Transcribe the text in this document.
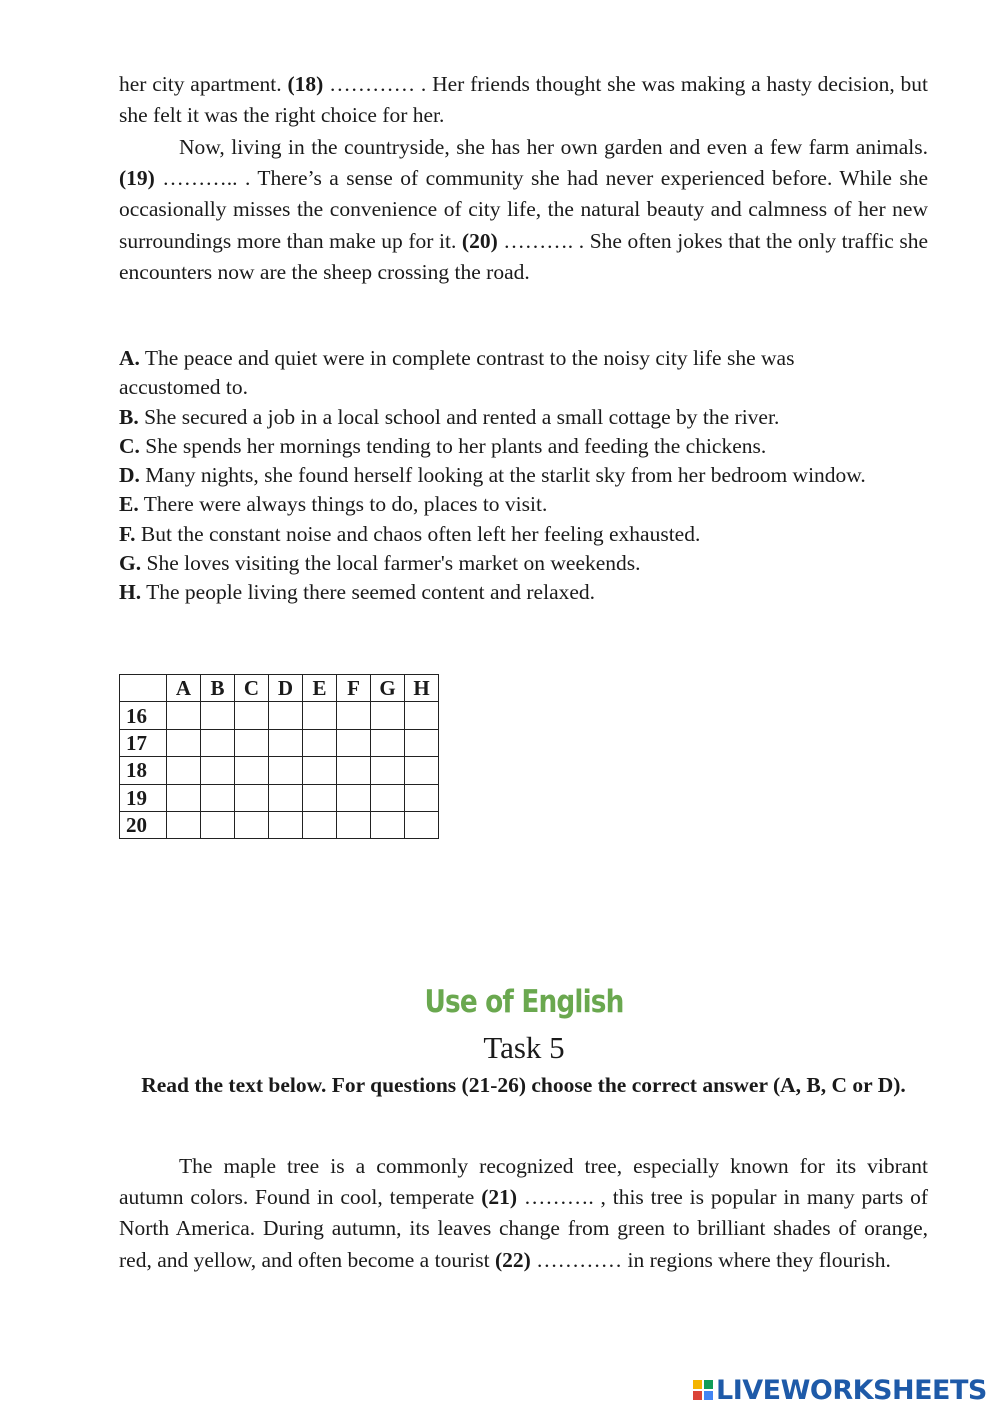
her city apartment. (18) ………… . Her friends thought she was making a hasty decision, but she felt it was the right choice for her.

Now, living in the countryside, she has her own garden and even a few farm animals. (19) ……….. . There’s a sense of community she had never experienced before. While she occasionally misses the convenience of city life, the natural beauty and calmness of her new surroundings more than make up for it. (20) ………. . She often jokes that the only traffic she encounters now are the sheep crossing the road.

A. The peace and quiet were in complete contrast to the noisy city life she was accustomed to.
B. She secured a job in a local school and rented a small cottage by the river.
C. She spends her mornings tending to her plants and feeding the chickens.
D. Many nights, she found herself looking at the starlit sky from her bedroom window.
E. There were always things to do, places to visit.
F. But the constant noise and chaos often left her feeling exhausted.
G. She loves visiting the local farmer's market on weekends.
H. The people living there seemed content and relaxed.
	A	B	C	D	E	F	G	H
16								
17								
18								
19								
20								
Use of English
Task 5
Read the text below. For questions (21-26) choose the correct answer (A, B, C or D).

The maple tree is a commonly recognized tree, especially known for its vibrant autumn colors. Found in cool, temperate (21) ………. , this tree is popular in many parts of North America. During autumn, its leaves change from green to brilliant shades of orange, red, and yellow, and often become a tourist (22) ………… in regions where they flourish.

LIVEWORKSHEETS
